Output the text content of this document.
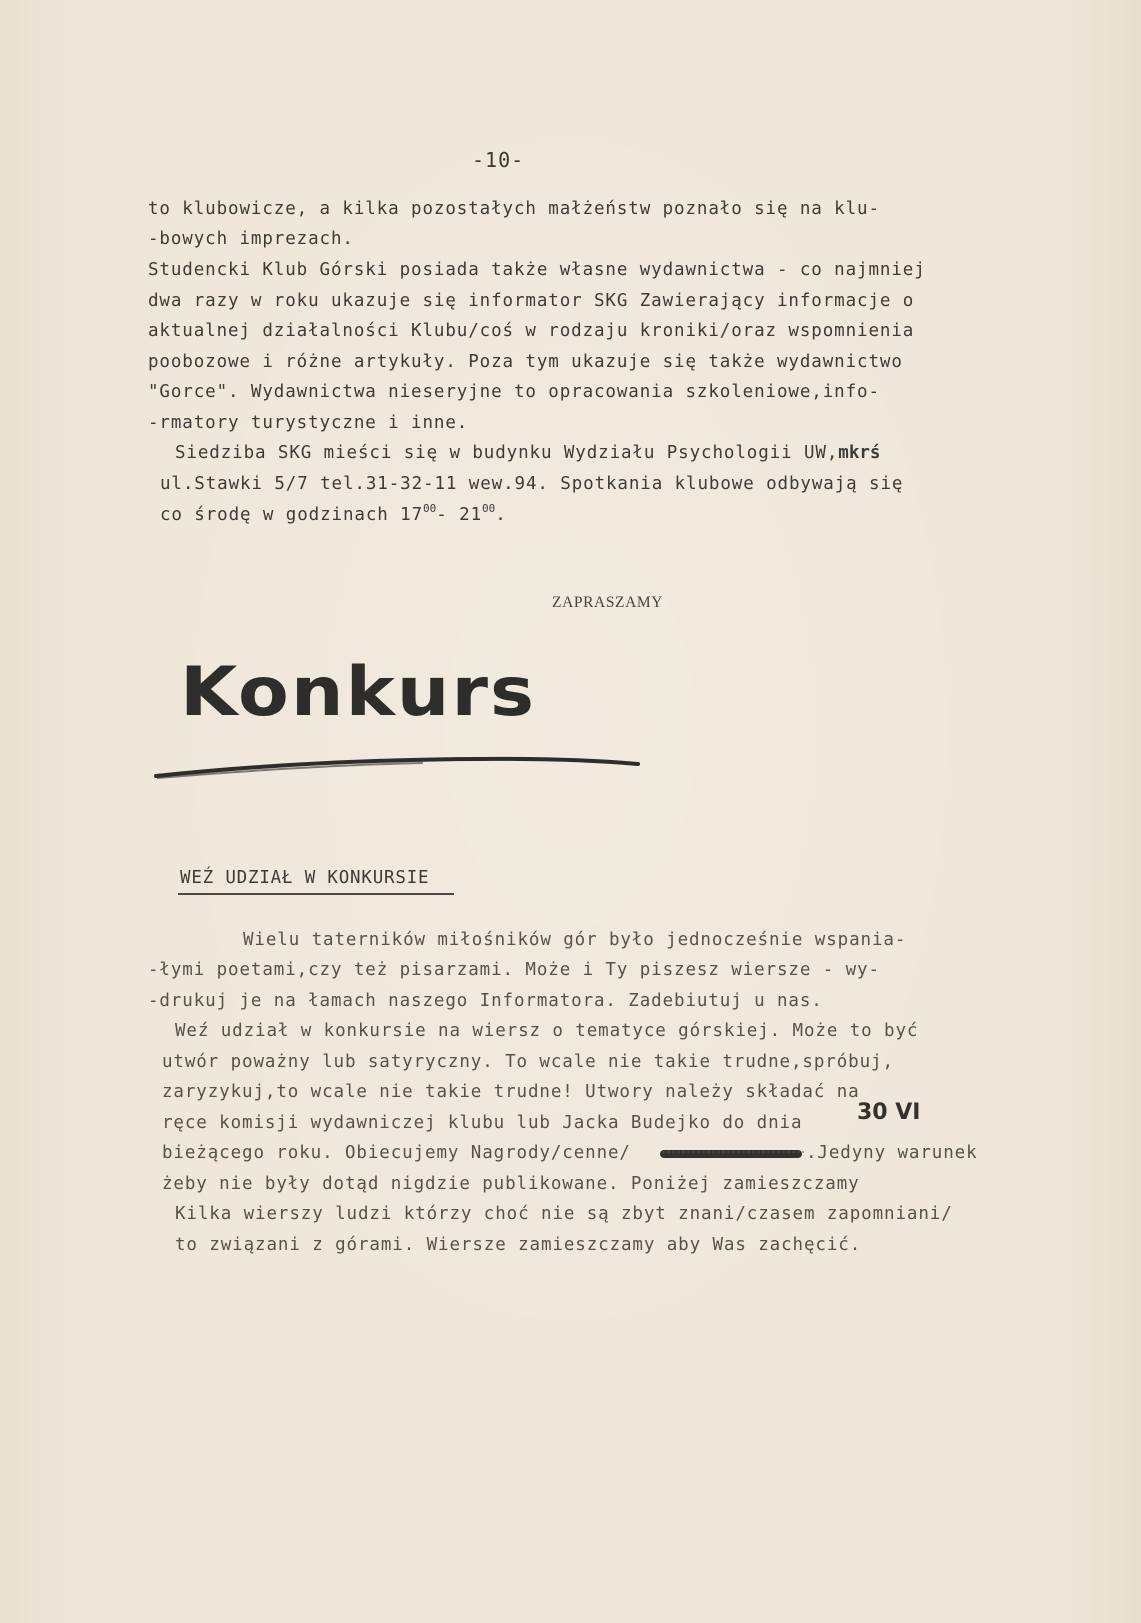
-10-
to klubowicze, a kilka pozostałych małżeństw poznało się na klu-
-bowych imprezach.
Studencki Klub Górski posiada także własne wydawnictwa - co najmniej
dwa razy w roku ukazuje się informator SKG Zawierający informacje o
aktualnej działalności Klubu/coś w rodzaju kroniki/oraz wspomnienia
poobozowe i różne artykuły. Poza tym ukazuje się także wydawnictwo
"Gorce". Wydawnictwa nieseryjne to opracowania szkoleniowe,info-
-rmatory turystyczne i inne.
Siedziba SKG mieści się w budynku Wydziału Psychologii UW,mkrś
ul.Stawki 5/7 tel.31-32-11 wew.94. Spotkania klubowe odbywają się
co środę w godzinach $17^{00}-$ $21^{00}$.
ZAPRASZAMY
Konkurs
WEŹ UDZIAŁ W KONKURSIE
Wielu taterników miłośników gór było jednocześnie wspania-
-łymi poetami,czy też pisarzami. Może i Ty piszesz wiersze - wy-
-drukuj je na łamach naszego Informatora. Zadebiutuj u nas.
Weź udział w konkursie na wiersz o tematyce górskiej. Może to być
utwór poważny lub satyryczny. To wcale nie takie trudne,spróbuj,
zaryzykuj,to wcale nie takie trudne! Utwory należy składać na
ręce komisji wydawniczej klubu lub Jacka Budejko do dnia 30 VI
bieżącego roku. Obiecujemy Nagrody/cenne/	.Jedyny warunek
żeby nie były dotąd nigdzie publikowane. Poniżej zamieszczamy
Kilka wierszy ludzi którzy choć nie są zbyt znani/czasem zapomniani/
to związani z górami. Wiersze zamieszczamy aby Was zachęcić.
